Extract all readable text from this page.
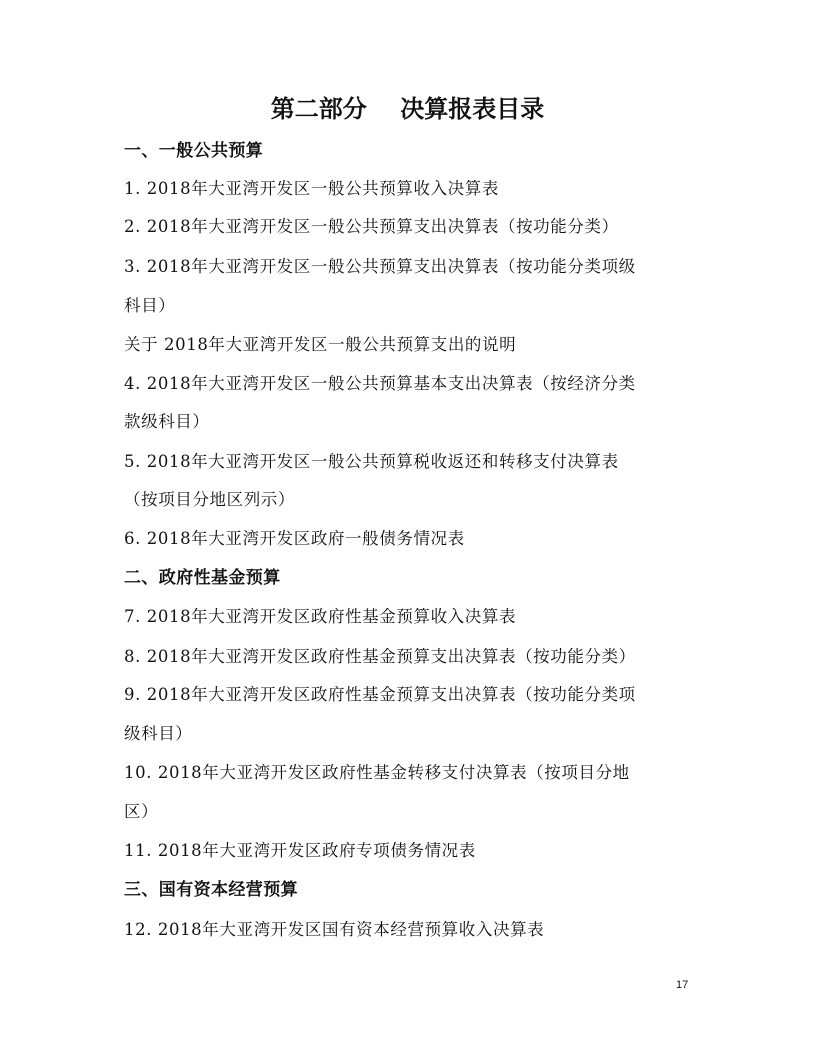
第二部分    决算报表目录
一、一般公共预算
1. 2018年大亚湾开发区一般公共预算收入决算表
2. 2018年大亚湾开发区一般公共预算支出决算表（按功能分类）
3. 2018年大亚湾开发区一般公共预算支出决算表（按功能分类项级
科目）
关于 2018年大亚湾开发区一般公共预算支出的说明
4. 2018年大亚湾开发区一般公共预算基本支出决算表（按经济分类
款级科目）
5. 2018年大亚湾开发区一般公共预算税收返还和转移支付决算表
（按项目分地区列示）
6. 2018年大亚湾开发区政府一般债务情况表
二、政府性基金预算
7. 2018年大亚湾开发区政府性基金预算收入决算表
8. 2018年大亚湾开发区政府性基金预算支出决算表（按功能分类）
9. 2018年大亚湾开发区政府性基金预算支出决算表（按功能分类项
级科目）
10. 2018年大亚湾开发区政府性基金转移支付决算表（按项目分地
区）
11. 2018年大亚湾开发区政府专项债务情况表
三、国有资本经营预算
12. 2018年大亚湾开发区国有资本经营预算收入决算表
17
